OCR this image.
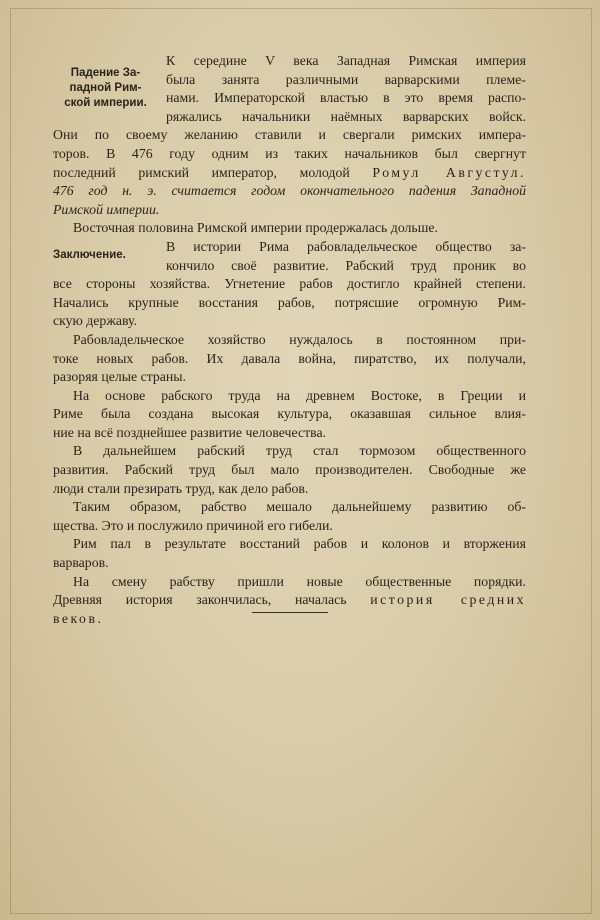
Падение За-
падной Рим-
ской империи.
К середине V века Западная Римская империя
была занята различными варварскими племе-
нами. Императорской властью в это время распо-
ряжались начальники наёмных варварских войск.
Они по своему желанию ставили и свергали римских импера-
торов. В 476 году одним из таких начальников был свергнут
последний римский император, молодой Ромул Августул.
476 год н. э. считается годом окончательного падения Западной
Римской империи.
Восточная половина Римской империи продержалась дольше.
Заключение.
В истории Рима рабовладельческое общество за-
кончило своё развитие. Рабский труд проник во
все стороны хозяйства. Угнетение рабов достигло крайней степени.
Начались крупные восстания рабов, потрясшие огромную Рим-
скую державу.
Рабовладельческое хозяйство нуждалось в постоянном при-
токе новых рабов. Их давала война, пиратство, их получали,
разоряя целые страны.
На основе рабского труда на древнем Востоке, в Греции и
Риме была создана высокая культура, оказавшая сильное влия-
ние на всё позднейшее развитие человечества.
В дальнейшем рабский труд стал тормозом общественного
развития. Рабский труд был мало производителен. Свободные же
люди стали презирать труд, как дело рабов.
Таким образом, рабство мешало дальнейшему развитию об-
щества. Это и послужило причиной его гибели.
Рим пал в результате восстаний рабов и колонов и вторжения
варваров.
На смену рабству пришли новые общественные порядки.
Древняя история закончилась, началась история средних
веков.
